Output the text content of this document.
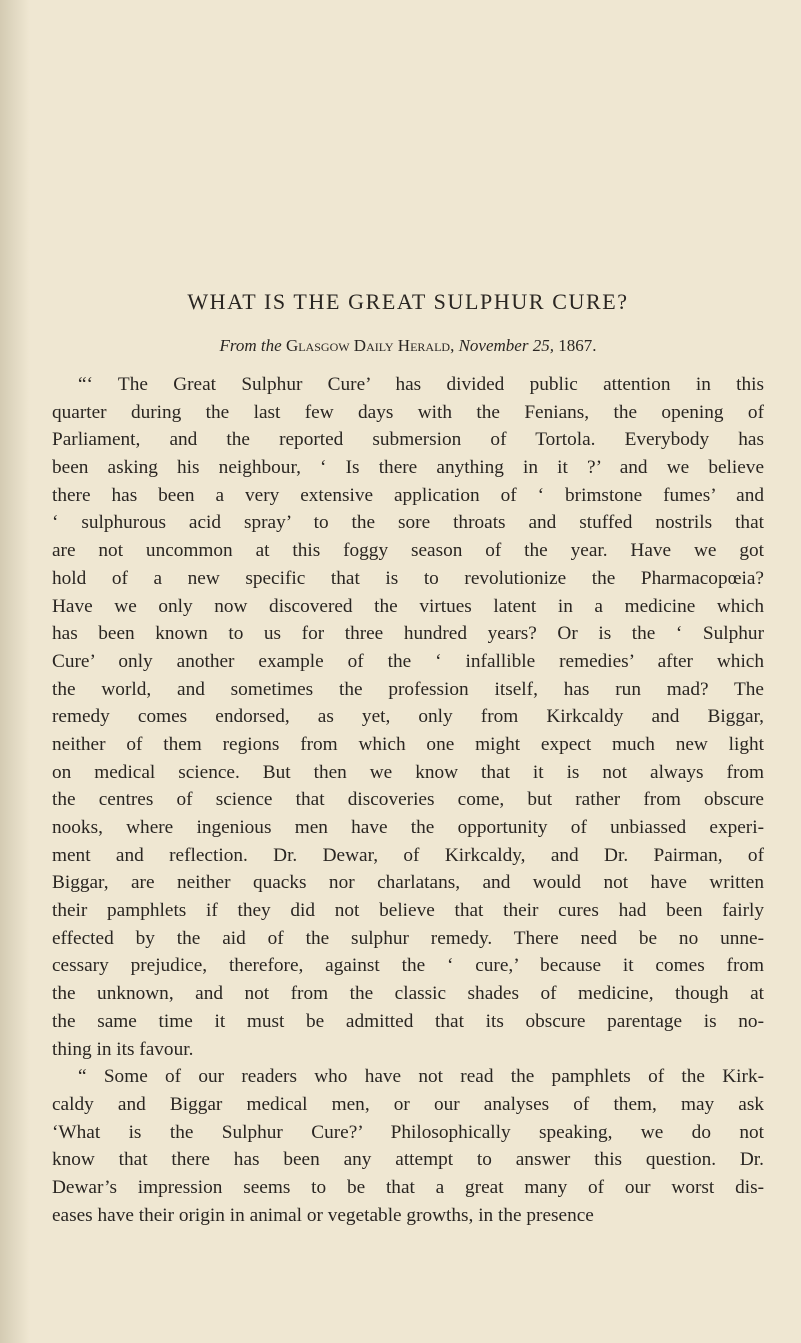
WHAT IS THE GREAT SULPHUR CURE?

From the Glasgow Daily Herald, November 25, 1867.

“‘ The Great Sulphur Cure’ has divided public attention in this
quarter during the last few days with the Fenians, the opening of
Parliament, and the reported submersion of Tortola. Everybody has
been asking his neighbour, ‘ Is there anything in it ?’ and we believe
there has been a very extensive application of ‘ brimstone fumes’ and
‘ sulphurous acid spray’ to the sore throats and stuffed nostrils that
are not uncommon at this foggy season of the year. Have we got
hold of a new specific that is to revolutionize the Pharmacopœia?
Have we only now discovered the virtues latent in a medicine which
has been known to us for three hundred years? Or is the ‘ Sulphur
Cure’ only another example of the ‘ infallible remedies’ after which
the world, and sometimes the profession itself, has run mad? The
remedy comes endorsed, as yet, only from Kirkcaldy and Biggar,
neither of them regions from which one might expect much new light
on medical science. But then we know that it is not always from
the centres of science that discoveries come, but rather from obscure
nooks, where ingenious men have the opportunity of unbiassed experi-
ment and reflection. Dr. Dewar, of Kirkcaldy, and Dr. Pairman, of
Biggar, are neither quacks nor charlatans, and would not have written
their pamphlets if they did not believe that their cures had been fairly
effected by the aid of the sulphur remedy. There need be no unne-
cessary prejudice, therefore, against the ‘ cure,’ because it comes from
the unknown, and not from the classic shades of medicine, though at
the same time it must be admitted that its obscure parentage is no-
thing in its favour.
“ Some of our readers who have not read the pamphlets of the Kirk-
caldy and Biggar medical men, or our analyses of them, may ask
‘What is the Sulphur Cure?’ Philosophically speaking, we do not
know that there has been any attempt to answer this question. Dr.
Dewar’s impression seems to be that a great many of our worst dis-
eases have their origin in animal or vegetable growths, in the presence
